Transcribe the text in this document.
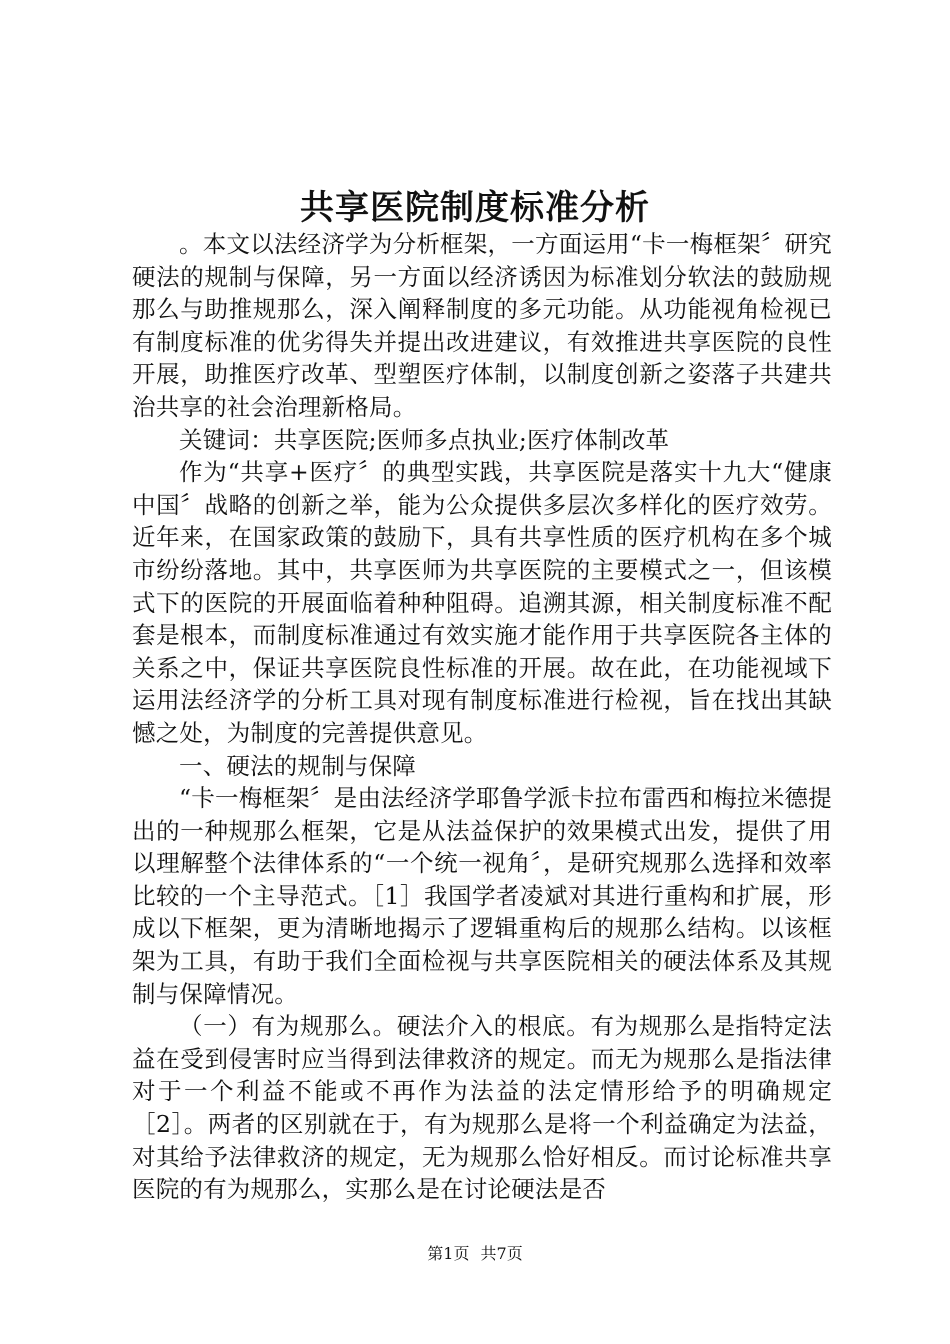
共享医院制度标准分析

。本文以法经济学为分析框架，一方面运用“卡一梅框架〞研究硬法的规制与保障，另一方面以经济诱因为标准划分软法的鼓励规那么与助推规那么，深入阐释制度的多元功能。从功能视角检视已有制度标准的优劣得失并提出改进建议，有效推进共享医院的良性开展，助推医疗改革、型塑医疗体制，以制度创新之姿落子共建共治共享的社会治理新格局。

关键词：共享医院;医师多点执业;医疗体制改革

作为“共享+医疗〞的典型实践，共享医院是落实十九大“健康中国〞战略的创新之举，能为公众提供多层次多样化的医疗效劳。近年来，在国家政策的鼓励下，具有共享性质的医疗机构在多个城市纷纷落地。其中，共享医师为共享医院的主要模式之一，但该模式下的医院的开展面临着种种阻碍。追溯其源，相关制度标准不配套是根本，而制度标准通过有效实施才能作用于共享医院各主体的关系之中，保证共享医院良性标准的开展。故在此，在功能视域下运用法经济学的分析工具对现有制度标准进行检视，旨在找出其缺憾之处，为制度的完善提供意见。

一、硬法的规制与保障

“卡一梅框架〞是由法经济学耶鲁学派卡拉布雷西和梅拉米德提出的一种规那么框架，它是从法益保护的效果模式出发，提供了用以理解整个法律体系的“一个统一视角〞，是研究规那么选择和效率比较的一个主导范式。［1］我国学者凌斌对其进行重构和扩展，形成以下框架，更为清晰地揭示了逻辑重构后的规那么结构。以该框架为工具，有助于我们全面检视与共享医院相关的硬法体系及其规制与保障情况。

（一）有为规那么。硬法介入的根底。有为规那么是指特定法益在受到侵害时应当得到法律救济的规定。而无为规那么是指法律对于一个利益不能或不再作为法益的法定情形给予的明确规定［2］。两者的区别就在于，有为规那么是将一个利益确定为法益，对其给予法律救济的规定，无为规那么恰好相反。而讨论标准共享医院的有为规那么，实那么是在讨论硬法是否

第1页 共7页
